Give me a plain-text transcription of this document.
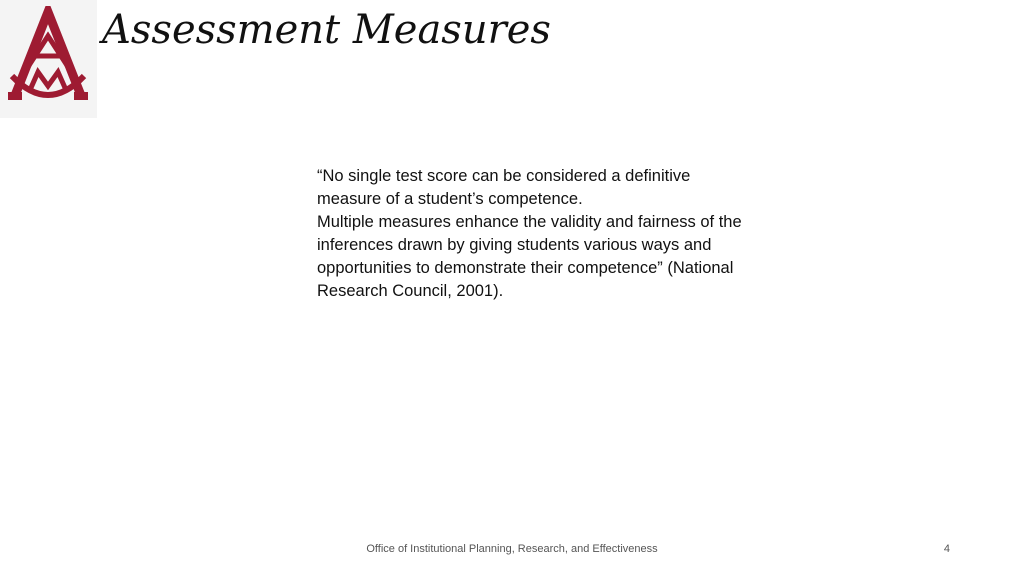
Assessment Measures

“No single test score can be considered a definitive measure of a student’s competence.

Multiple measures enhance the validity and fairness of the inferences drawn by giving students various ways and opportunities to demonstrate their competence” (National Research Council, 2001).

Office of Institutional Planning, Research, and Effectiveness	4
